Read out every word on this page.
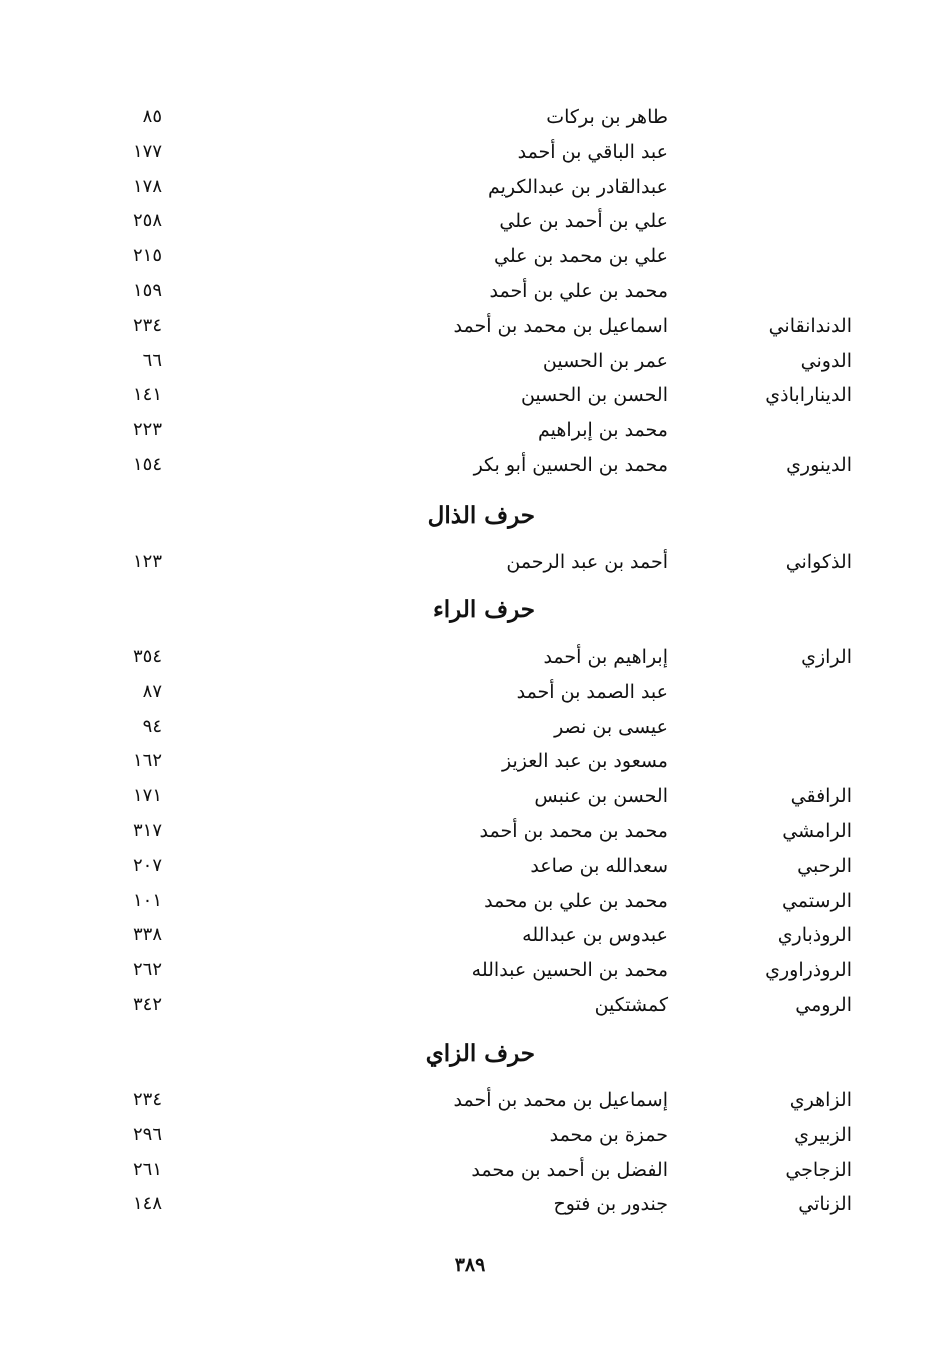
طاهر بن بركات
٨٥
عبد الباقي بن أحمد
١٧٧
عبدالقادر بن عبدالكريم
١٧٨
علي بن أحمد بن علي
٢٥٨
علي بن محمد بن علي
٢١٥
محمد بن علي بن أحمد
١٥٩
الدندانقاني
اسماعيل بن محمد بن أحمد
٢٣٤
الدوني
عمر بن الحسين
٦٦
الديناراباذي
الحسن بن الحسين
١٤١
محمد بن إبراهيم
٢٢٣
الدينوري
محمد بن الحسين أبو بكر
١٥٤
حرف الذال
الذكواني
أحمد بن عبد الرحمن
١٢٣
حرف الراء
الرازي
إبراهيم بن أحمد
٣٥٤
عبد الصمد بن أحمد
٨٧
عيسى بن نصر
٩٤
مسعود بن عبد العزيز
١٦٢
الرافقي
الحسن بن عنبس
١٧١
الرامشي
محمد بن محمد بن أحمد
٣١٧
الرحبي
سعدالله بن صاعد
٢٠٧
الرستمي
محمد بن علي بن محمد
١٠١
الروذباري
عبدوس بن عبدالله
٣٣٨
الروذراوري
محمد بن الحسين عبدالله
٢٦٢
الرومي
كمشتكين
٣٤٢
حرف الزاي
الزاهري
إسماعيل بن محمد بن أحمد
٢٣٤
الزبيري
حمزة بن محمد
٢٩٦
الزجاجي
الفضل بن أحمد بن محمد
٢٦١
الزناتي
جندور بن فتوح
١٤٨
٣٨٩
